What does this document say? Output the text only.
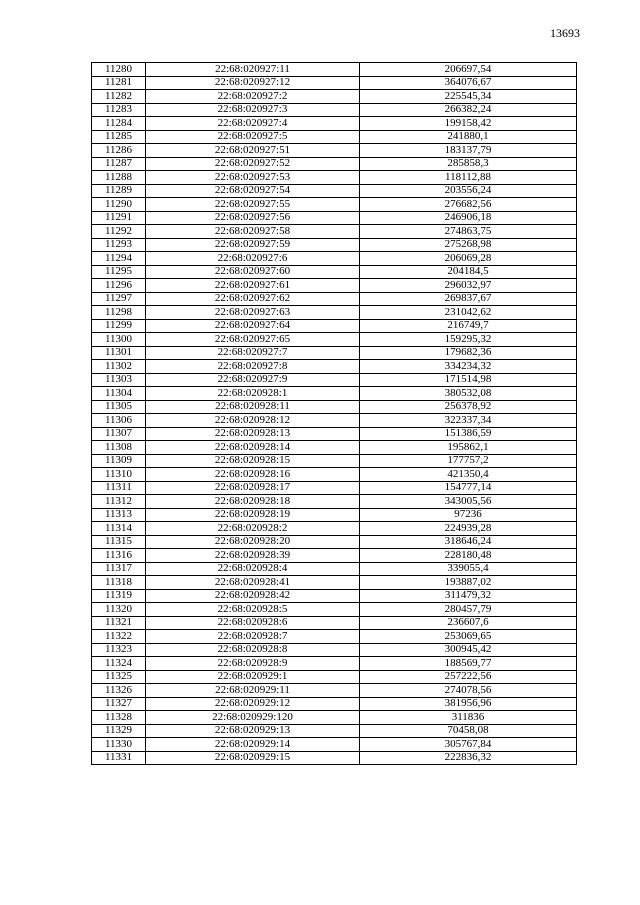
13693
11280	22:68:020927:11	206697,54
11281	22:68:020927:12	364076,67
11282	22:68:020927:2	225545,34
11283	22:68:020927:3	266382,24
11284	22:68:020927:4	199158,42
11285	22:68:020927:5	241880,1
11286	22:68:020927:51	183137,79
11287	22:68:020927:52	285858,3
11288	22:68:020927:53	118112,88
11289	22:68:020927:54	203556,24
11290	22:68:020927:55	276682,56
11291	22:68:020927:56	246906,18
11292	22:68:020927:58	274863,75
11293	22:68:020927:59	275268,98
11294	22:68:020927:6	206069,28
11295	22:68:020927:60	204184,5
11296	22:68:020927:61	296032,97
11297	22:68:020927:62	269837,67
11298	22:68:020927:63	231042,62
11299	22:68:020927:64	216749,7
11300	22:68:020927:65	159295,32
11301	22:68:020927:7	179682,36
11302	22:68:020927:8	334234,32
11303	22:68:020927:9	171514,98
11304	22:68:020928:1	380532,08
11305	22:68:020928:11	256378,92
11306	22:68:020928:12	322337,34
11307	22:68:020928:13	151386,59
11308	22:68:020928:14	195862,1
11309	22:68:020928:15	177757,2
11310	22:68:020928:16	421350,4
11311	22:68:020928:17	154777,14
11312	22:68:020928:18	343005,56
11313	22:68:020928:19	97236
11314	22:68:020928:2	224939,28
11315	22:68:020928:20	318646,24
11316	22:68:020928:39	228180,48
11317	22:68:020928:4	339055,4
11318	22:68:020928:41	193887,02
11319	22:68:020928:42	311479,32
11320	22:68:020928:5	280457,79
11321	22:68:020928:6	236607,6
11322	22:68:020928:7	253069,65
11323	22:68:020928:8	300945,42
11324	22:68:020928:9	188569,77
11325	22:68:020929:1	257222,56
11326	22:68:020929:11	274078,56
11327	22:68:020929:12	381956,96
11328	22:68:020929:120	311836
11329	22:68:020929:13	70458,08
11330	22:68:020929:14	305767,84
11331	22:68:020929:15	222836,32
